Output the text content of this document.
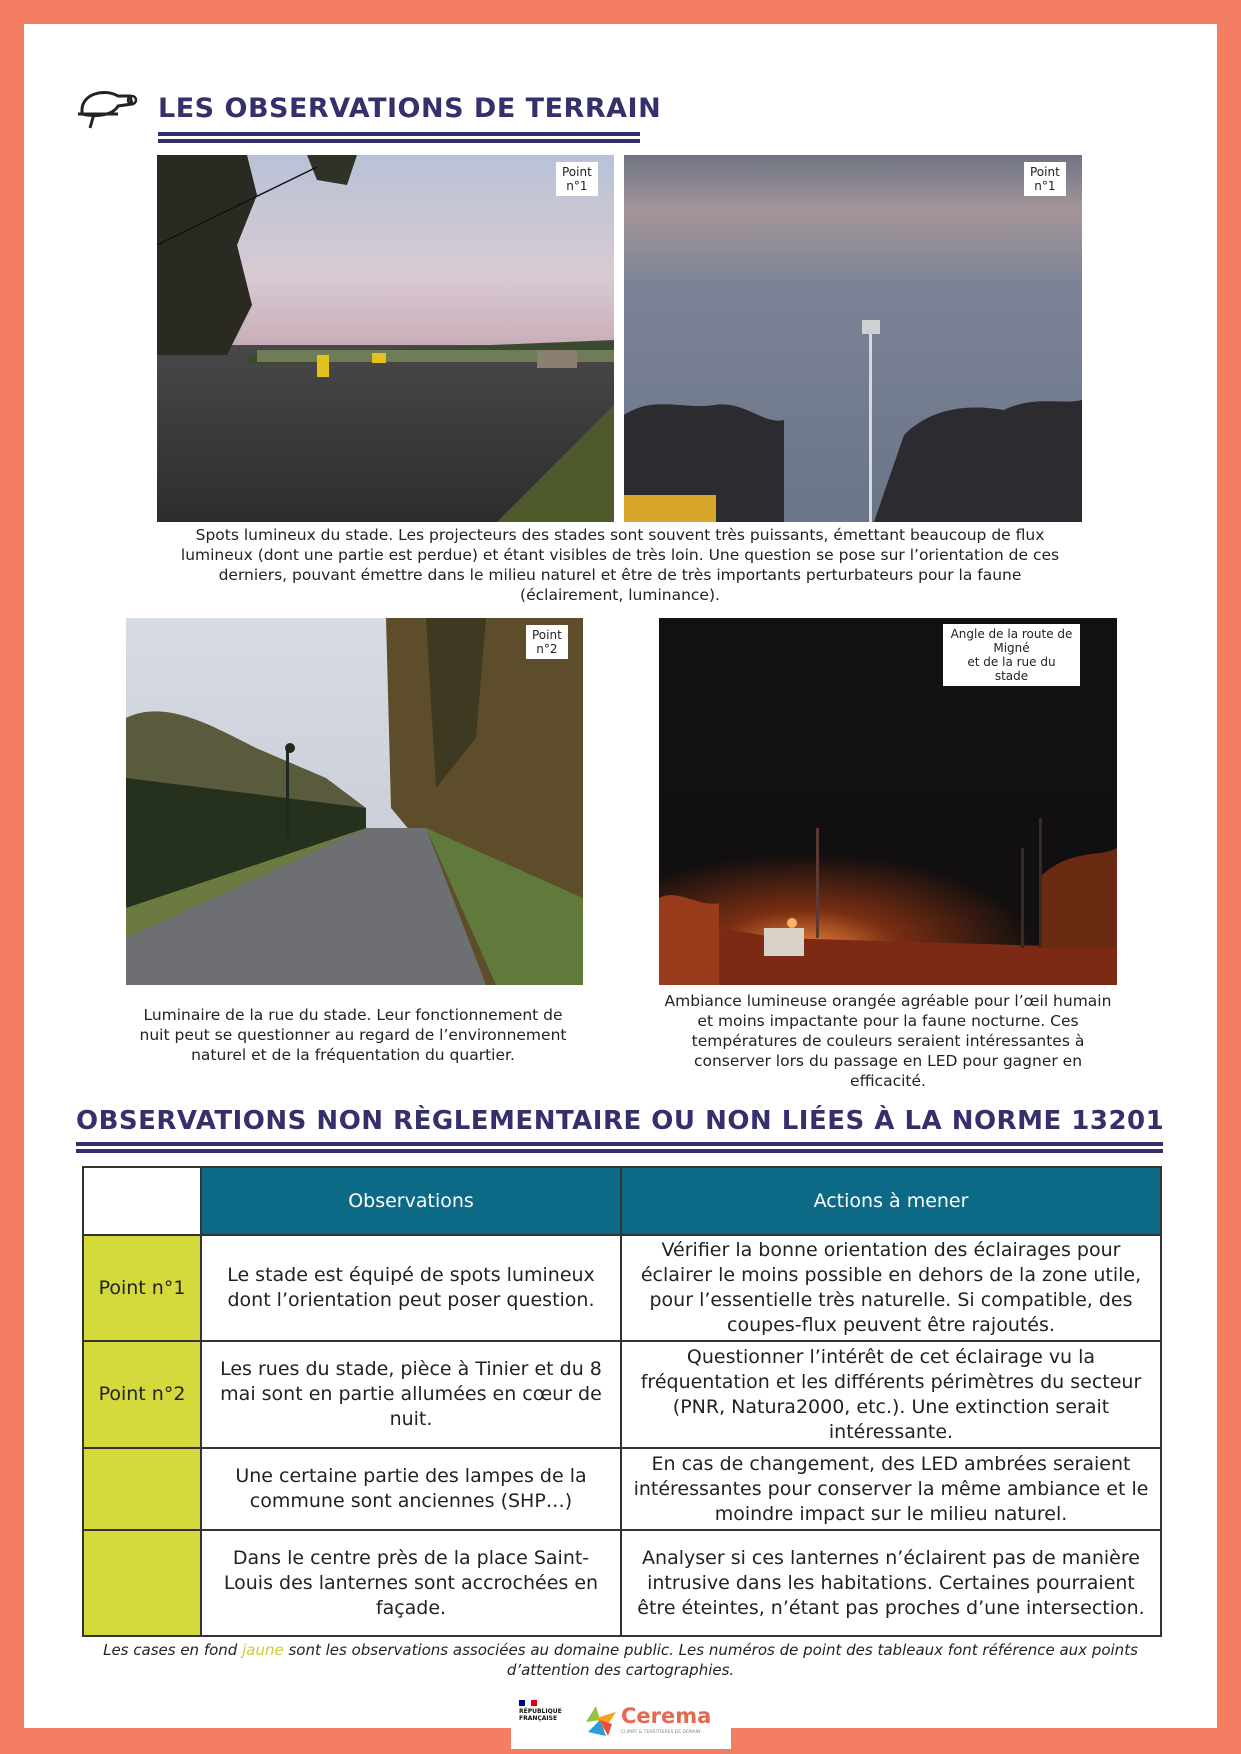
LES OBSERVATIONS DE TERRAIN
Point
n°1
Point
n°1
Spots lumineux du stade. Les projecteurs des stades sont souvent très puissants, émettant beaucoup de flux lumineux (dont une partie est perdue) et étant visibles de très loin. Une question se pose sur l’orientation de ces derniers, pouvant émettre dans le milieu naturel et être de très importants perturbateurs pour la faune (éclairement, luminance).
Point
n°2
Angle de la route de Migné
et de la rue du stade
Luminaire de la rue du stade. Leur fonctionnement de nuit peut se questionner au regard de l’environnement naturel et de la fréquentation du quartier.
Ambiance lumineuse orangée agréable pour l’œil humain et moins impactante pour la faune nocturne. Ces températures de couleurs seraient intéressantes à conserver lors du passage en LED pour gagner en efficacité.
OBSERVATIONS NON RÈGLEMENTAIRE OU NON LIÉES À LA NORME 13201
	Observations	Actions à mener
Point n°1	Le stade est équipé de spots lumineux dont l’orientation peut poser question.	Vérifier la bonne orientation des éclairages pour éclairer le moins possible en dehors de la zone utile, pour l’essentielle très naturelle. Si compatible, des coupes-flux peuvent être rajoutés.
Point n°2	Les rues du stade, pièce à Tinier et du 8 mai sont en partie allumées en cœur de nuit.	Questionner l’intérêt de cet éclairage vu la fréquentation et les différents périmètres du secteur (PNR, Natura2000, etc.). Une extinction serait intéressante.
	Une certaine partie des lampes de la commune sont anciennes (SHP…)	En cas de changement, des LED ambrées seraient intéressantes pour conserver la même ambiance et le moindre impact sur le milieu naturel.
	Dans le centre près de la place Saint-Louis des lanternes sont accrochées en façade.	Analyser si ces lanternes n’éclairent pas de manière intrusive dans les habitations. Certaines pourraient être éteintes, n’étant pas proches d’une intersection.
Les cases en fond jaune sont les observations associées au domaine public. Les numéros de point des tableaux font référence aux points d’attention des cartographies.
RÉPUBLIQUE
FRANÇAISE	Cerema
CLIMAT & TERRITOIRES DE DEMAIN
